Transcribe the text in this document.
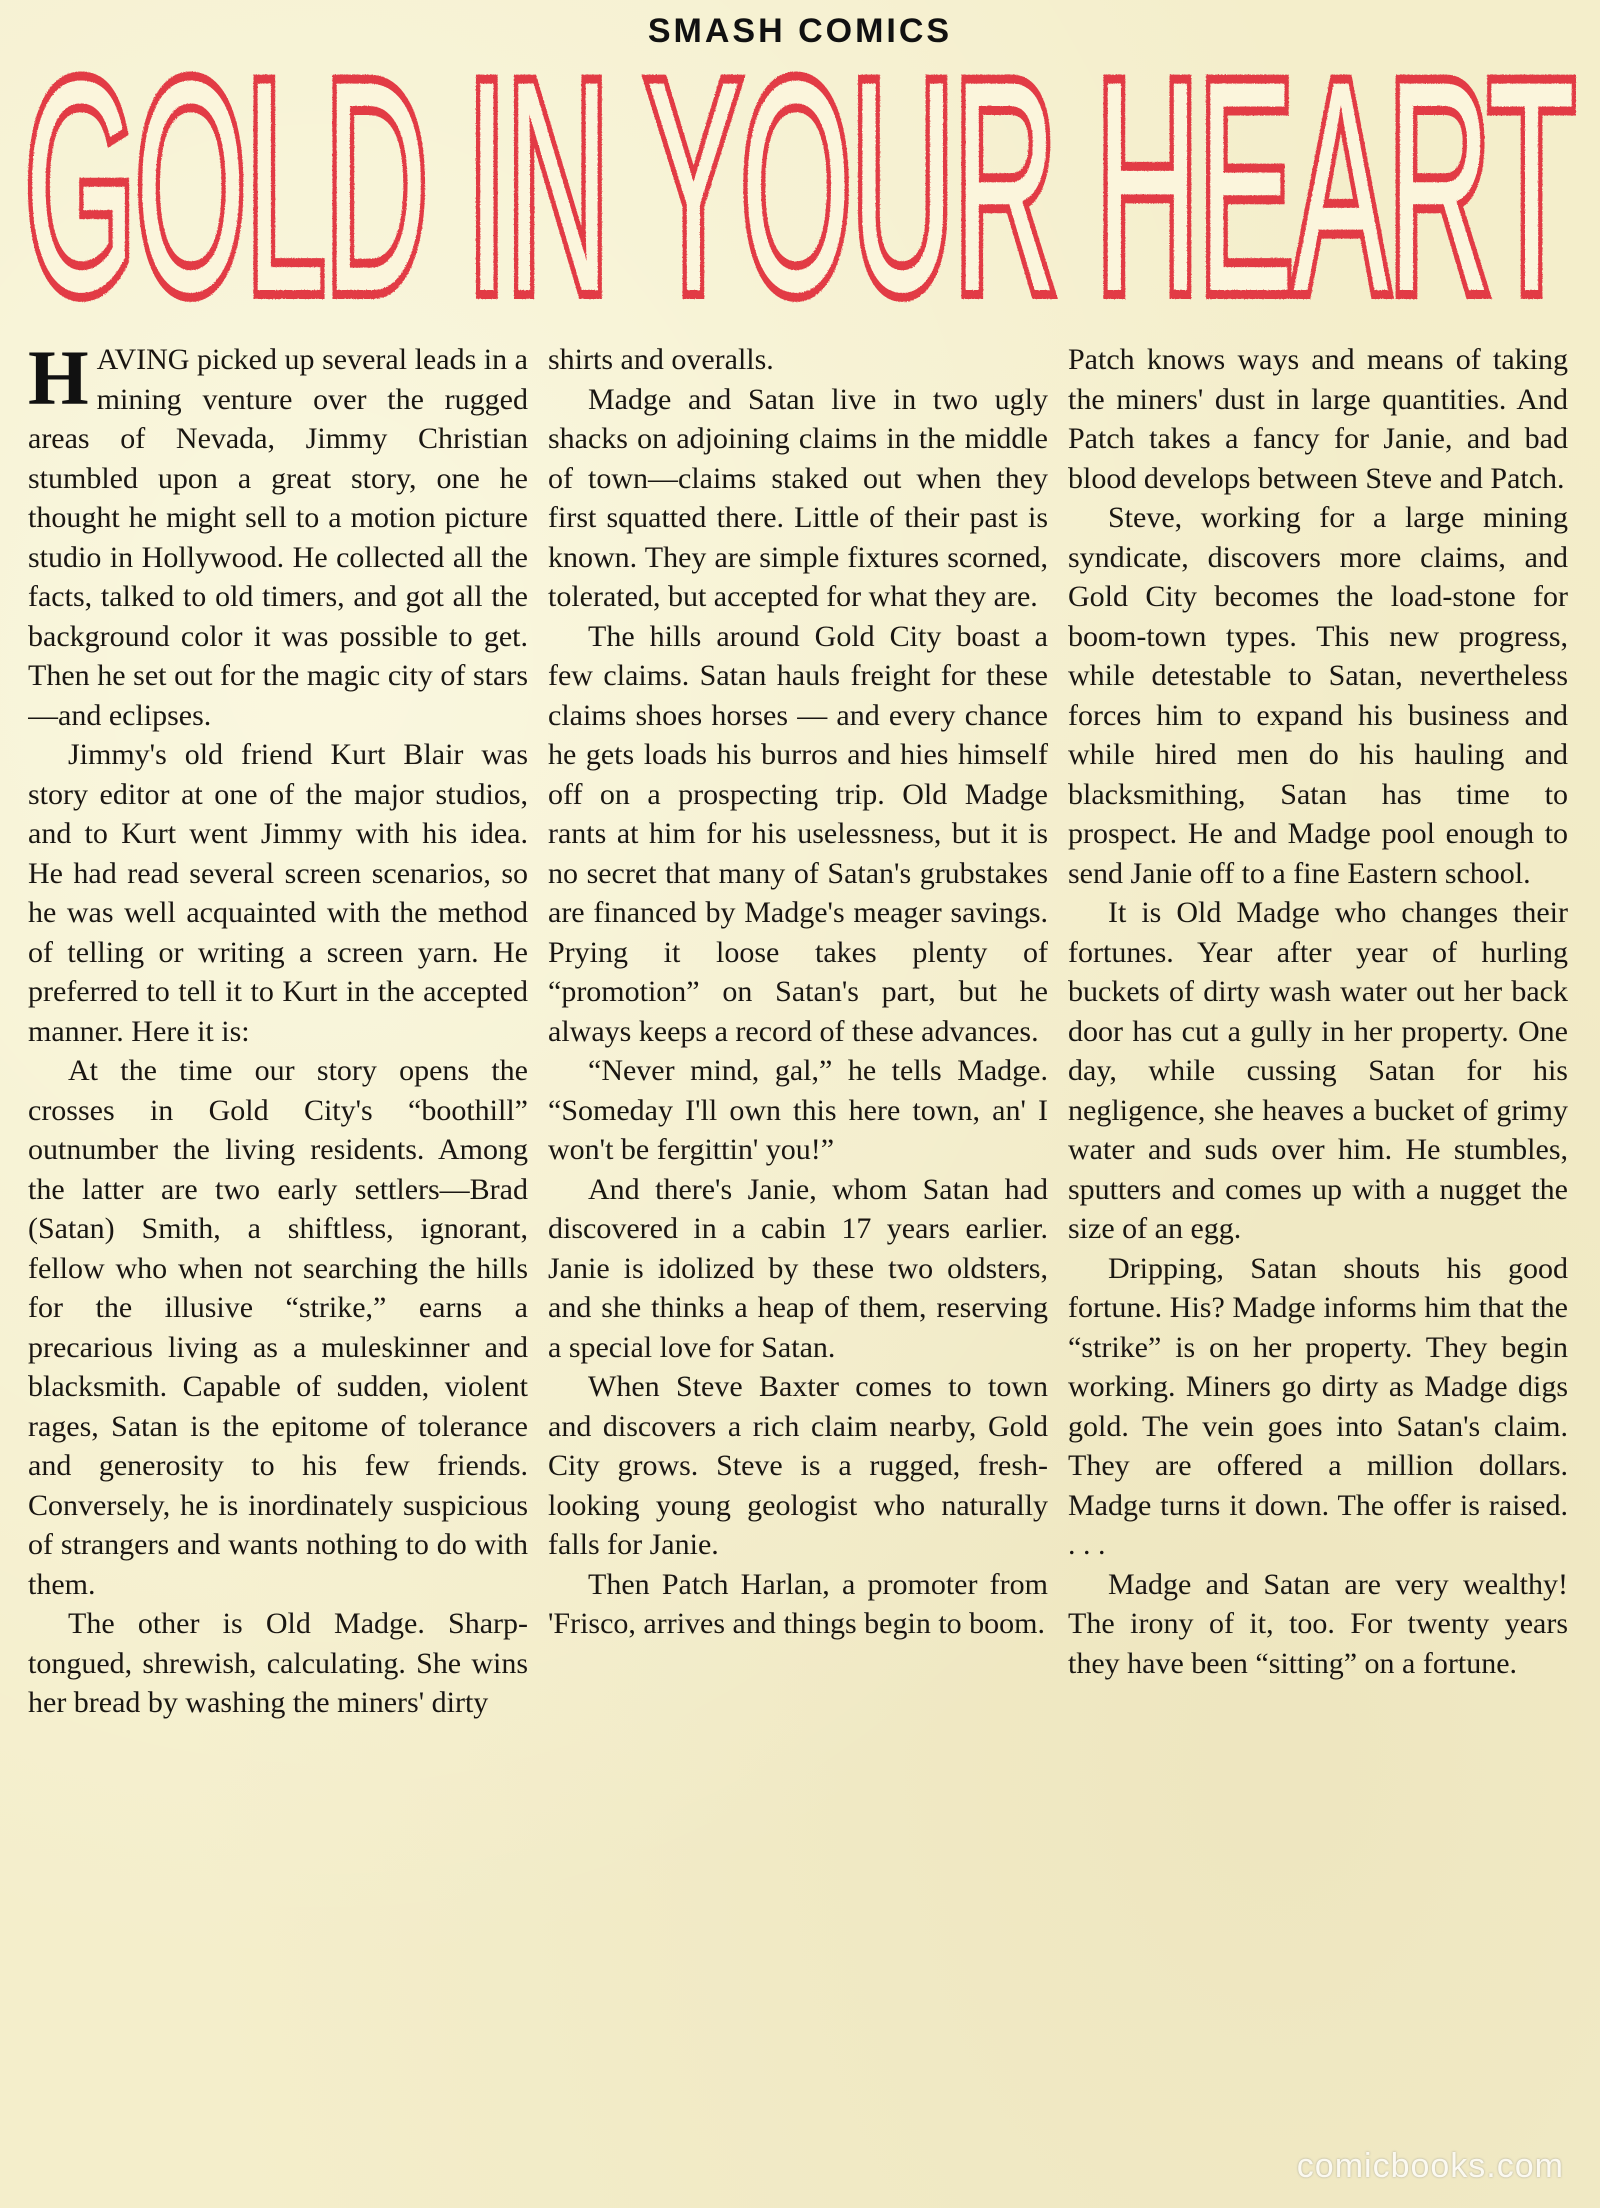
SMASH COMICS
GOLD IN YOUR HEART

HAVING picked up several leads in a mining venture over the rugged areas of Nevada, Jimmy Christian stumbled upon a great story, one he thought he might sell to a motion picture studio in Hollywood. He collected all the facts, talked to old timers, and got all the background color it was possible to get. Then he set out for the magic city of stars—and eclipses.

Jimmy's old friend Kurt Blair was story editor at one of the major studios, and to Kurt went Jimmy with his idea. He had read several screen scenarios, so he was well acquainted with the method of telling or writing a screen yarn. He preferred to tell it to Kurt in the accepted manner. Here it is:

At the time our story opens the crosses in Gold City's “boothill” outnumber the living residents. Among the latter are two early settlers—Brad (Satan) Smith, a shiftless, ignorant, fellow who when not searching the hills for the illusive “strike,” earns a precarious living as a muleskinner and blacksmith. Capable of sudden, violent rages, Satan is the epitome of tolerance and generosity to his few friends. Conversely, he is inordinately suspicious of strangers and wants nothing to do with them.

The other is Old Madge. Sharp-tongued, shrewish, calculating. She wins her bread by washing the miners' dirty

shirts and overalls.

Madge and Satan live in two ugly shacks on adjoining claims in the middle of town—claims staked out when they first squatted there. Little of their past is known. They are simple fixtures scorned, tolerated, but accepted for what they are.

The hills around Gold City boast a few claims. Satan hauls freight for these claims shoes horses — and every chance he gets loads his burros and hies himself off on a prospecting trip. Old Madge rants at him for his uselessness, but it is no secret that many of Satan's grubstakes are financed by Madge's meager savings. Prying it loose takes plenty of “promotion” on Satan's part, but he always keeps a record of these advances.

“Never mind, gal,” he tells Madge. “Someday I'll own this here town, an' I won't be fergittin' you!”

And there's Janie, whom Satan had discovered in a cabin 17 years earlier. Janie is idolized by these two oldsters, and she thinks a heap of them, reserving a special love for Satan.

When Steve Baxter comes to town and discovers a rich claim nearby, Gold City grows. Steve is a rugged, fresh-looking young geologist who naturally falls for Janie.

Then Patch Harlan, a promoter from 'Frisco, arrives and things begin to boom.

Patch knows ways and means of taking the miners' dust in large quantities. And Patch takes a fancy for Janie, and bad blood develops between Steve and Patch.

Steve, working for a large mining syndicate, discovers more claims, and Gold City becomes the load-stone for boom-town types. This new progress, while detestable to Satan, nevertheless forces him to expand his business and while hired men do his hauling and blacksmithing, Satan has time to prospect. He and Madge pool enough to send Janie off to a fine Eastern school.

It is Old Madge who changes their fortunes. Year after year of hurling buckets of dirty wash water out her back door has cut a gully in her property. One day, while cussing Satan for his negligence, she heaves a bucket of grimy water and suds over him. He stumbles, sputters and comes up with a nugget the size of an egg.

Dripping, Satan shouts his good fortune. His? Madge informs him that the “strike” is on her property. They begin working. Miners go dirty as Madge digs gold. The vein goes into Satan's claim. They are offered a million dollars. Madge turns it down. The offer is raised. . . .

Madge and Satan are very wealthy! The irony of it, too. For twenty years they have been “sitting” on a fortune.

comicbooks.com
